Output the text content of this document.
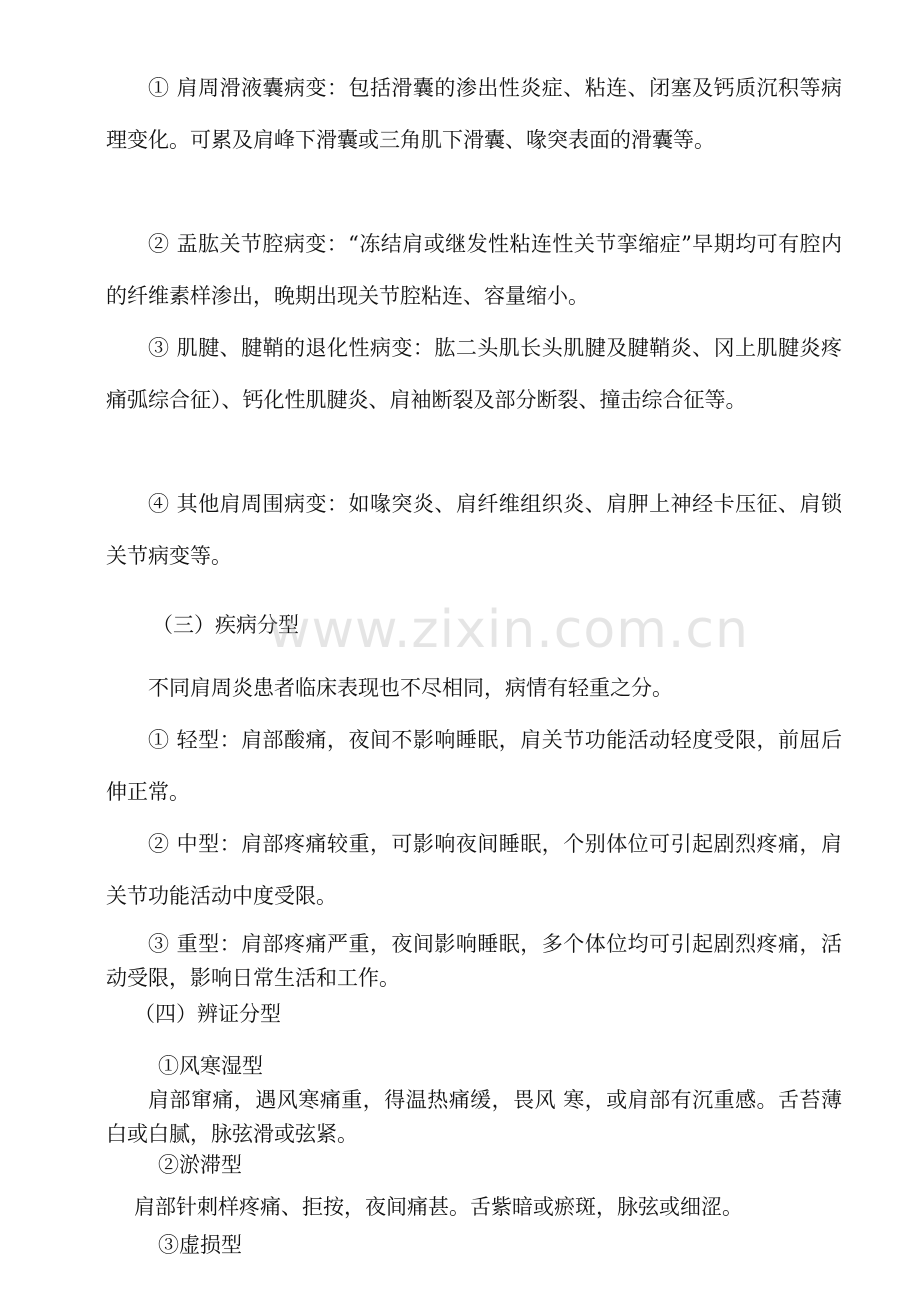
① 肩周滑液囊病变：包括滑囊的渗出性炎症、粘连、闭塞及钙质沉积等病理变化。可累及肩峰下滑囊或三角肌下滑囊、喙突表面的滑囊等。

② 盂肱关节腔病变：“冻结肩或继发性粘连性关节挛缩症”早期均可有腔内的纤维素样渗出，晚期出现关节腔粘连、容量缩小。

③ 肌腱、腱鞘的退化性病变：肱二头肌长头肌腱及腱鞘炎、冈上肌腱炎疼痛弧综合征）、钙化性肌腱炎、肩袖断裂及部分断裂、撞击综合征等。

④ 其他肩周围病变：如喙突炎、肩纤维组织炎、肩胛上神经卡压征、肩锁关节病变等。

（三）疾病分型

www.zixin.com.cn

不同肩周炎患者临床表现也不尽相同，病情有轻重之分。

① 轻型：肩部酸痛，夜间不影响睡眠，肩关节功能活动轻度受限，前屈后伸正常。

② 中型：肩部疼痛较重，可影响夜间睡眠，个别体位可引起剧烈疼痛，肩关节功能活动中度受限。

③ 重型：肩部疼痛严重，夜间影响睡眠，多个体位均可引起剧烈疼痛，活动受限，影响日常生活和工作。

（四）辨证分型

①风寒湿型

肩部窜痛，遇风寒痛重，得温热痛缓，畏风 寒，或肩部有沉重感。舌苔薄白或白腻，脉弦滑或弦紧。

②淤滞型

肩部针刺样疼痛、拒按，夜间痛甚。舌紫暗或瘀斑，脉弦或细涩。

③虚损型
